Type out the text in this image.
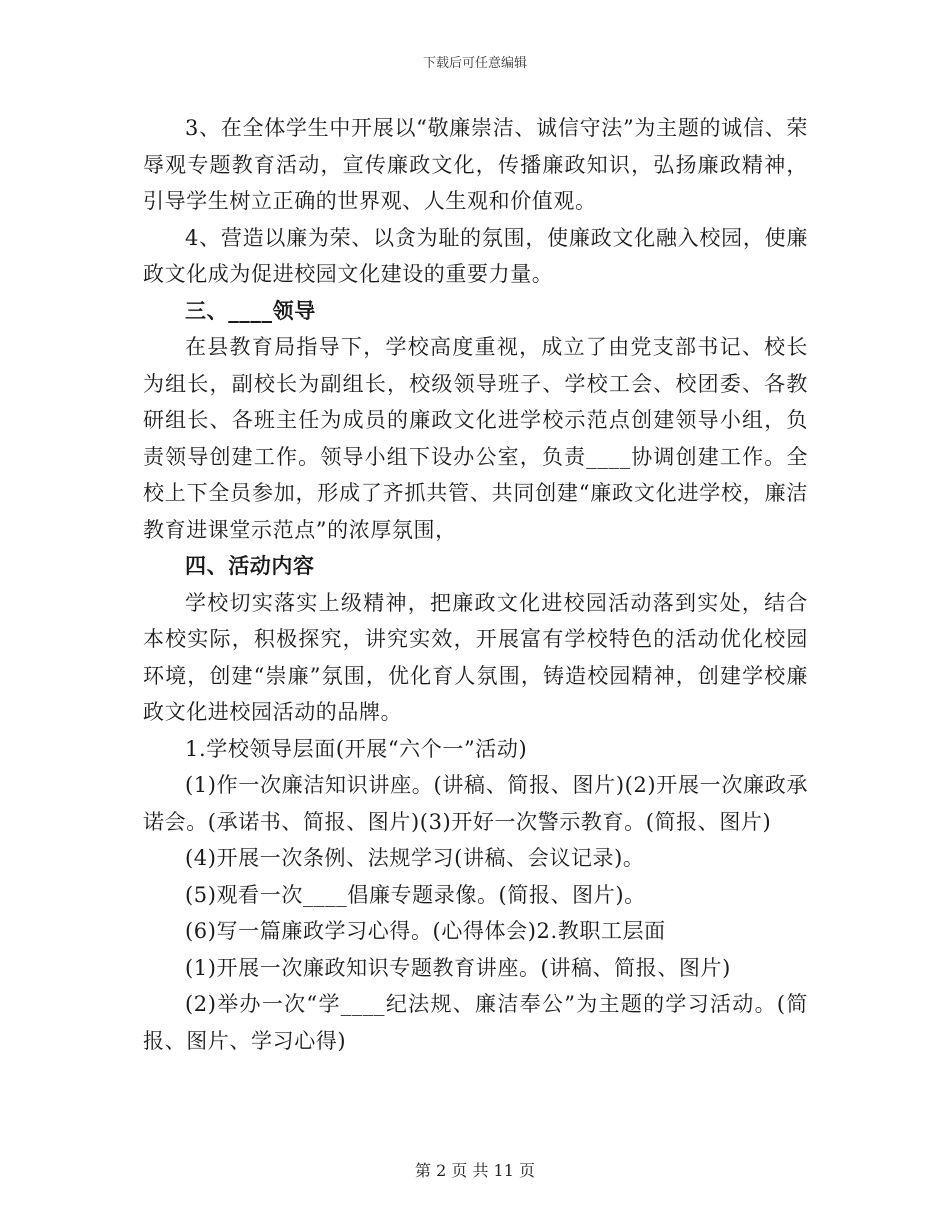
下载后可任意编辑

3、在全体学生中开展以“敬廉崇洁、诚信守法”为主题的诚信、荣辱观专题教育活动，宣传廉政文化，传播廉政知识，弘扬廉政精神，引导学生树立正确的世界观、人生观和价值观。

4、营造以廉为荣、以贪为耻的氛围，使廉政文化融入校园，使廉政文化成为促进校园文化建设的重要力量。

三、____领导

在县教育局指导下，学校高度重视，成立了由党支部书记、校长为组长，副校长为副组长，校级领导班子、学校工会、校团委、各教研组长、各班主任为成员的廉政文化进学校示范点创建领导小组，负责领导创建工作。领导小组下设办公室，负责____协调创建工作。全校上下全员参加，形成了齐抓共管、共同创建“廉政文化进学校，廉洁教育进课堂示范点”的浓厚氛围，

四、活动内容

学校切实落实上级精神，把廉政文化进校园活动落到实处，结合本校实际，积极探究，讲究实效，开展富有学校特色的活动优化校园环境，创建“崇廉”氛围，优化育人氛围，铸造校园精神，创建学校廉政文化进校园活动的品牌。

1.学校领导层面(开展“六个一”活动)

(1)作一次廉洁知识讲座。(讲稿、简报、图片)(2)开展一次廉政承诺会。(承诺书、简报、图片)(3)开好一次警示教育。(简报、图片)

(4)开展一次条例、法规学习(讲稿、会议记录)。

(5)观看一次____倡廉专题录像。(简报、图片)。

(6)写一篇廉政学习心得。(心得体会)2.教职工层面

(1)开展一次廉政知识专题教育讲座。(讲稿、简报、图片)

(2)举办一次“学____纪法规、廉洁奉公”为主题的学习活动。(简报、图片、学习心得)

第 2 页 共 11 页
